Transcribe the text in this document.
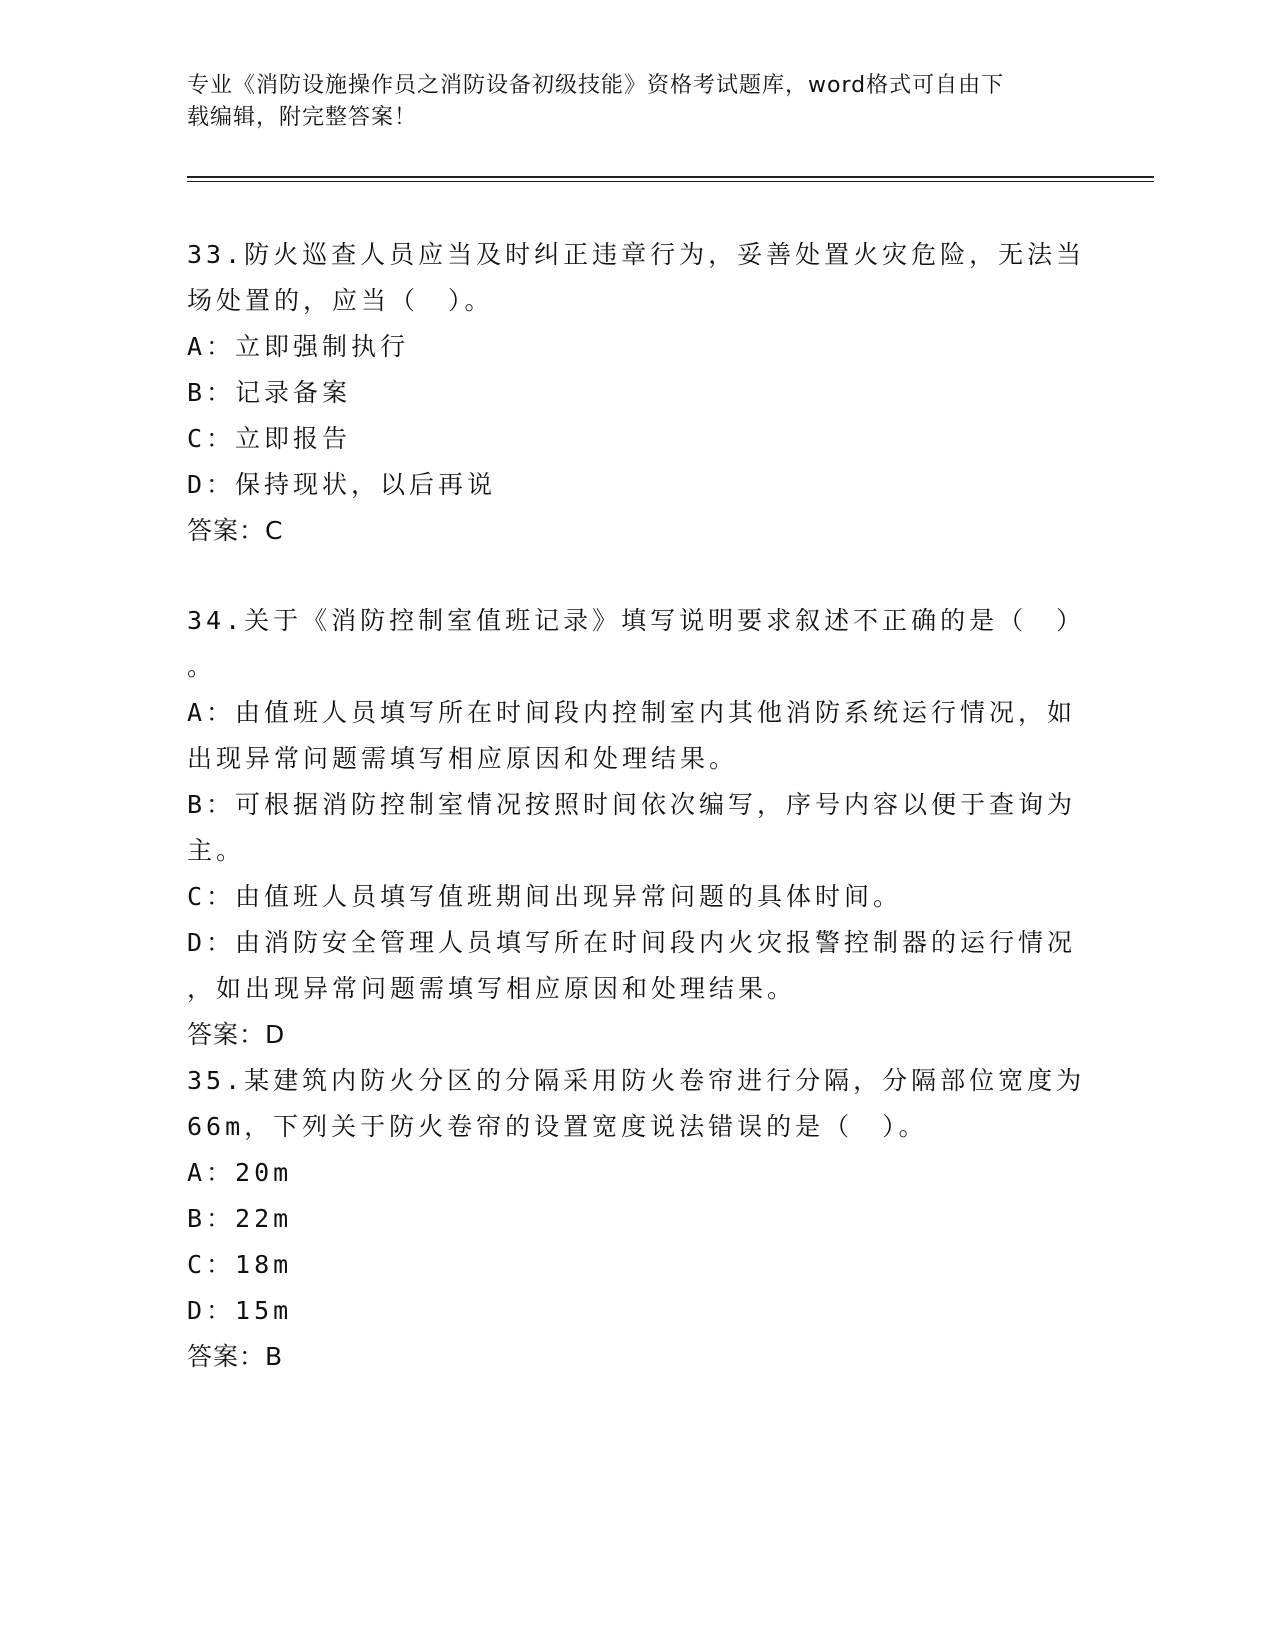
专业《消防设施操作员之消防设备初级技能》资格考试题库，word格式可自由下
载编辑，附完整答案！
33.防火巡查人员应当及时纠正违章行为，妥善处置火灾危险，无法当
场处置的，应当（　）。
A：立即强制执行
B：记录备案
C：立即报告
D：保持现状，以后再说
答案：C
34.关于《消防控制室值班记录》填写说明要求叙述不正确的是（　）
。
A：由值班人员填写所在时间段内控制室内其他消防系统运行情况，如
出现异常问题需填写相应原因和处理结果。
B：可根据消防控制室情况按照时间依次编写，序号内容以便于查询为
主。
C：由值班人员填写值班期间出现异常问题的具体时间。
D：由消防安全管理人员填写所在时间段内火灾报警控制器的运行情况
，如出现异常问题需填写相应原因和处理结果。
答案：D
35.某建筑内防火分区的分隔采用防火卷帘进行分隔，分隔部位宽度为
66m，下列关于防火卷帘的设置宽度说法错误的是（　）。
A：20m
B：22m
C：18m
D：15m
答案：B
